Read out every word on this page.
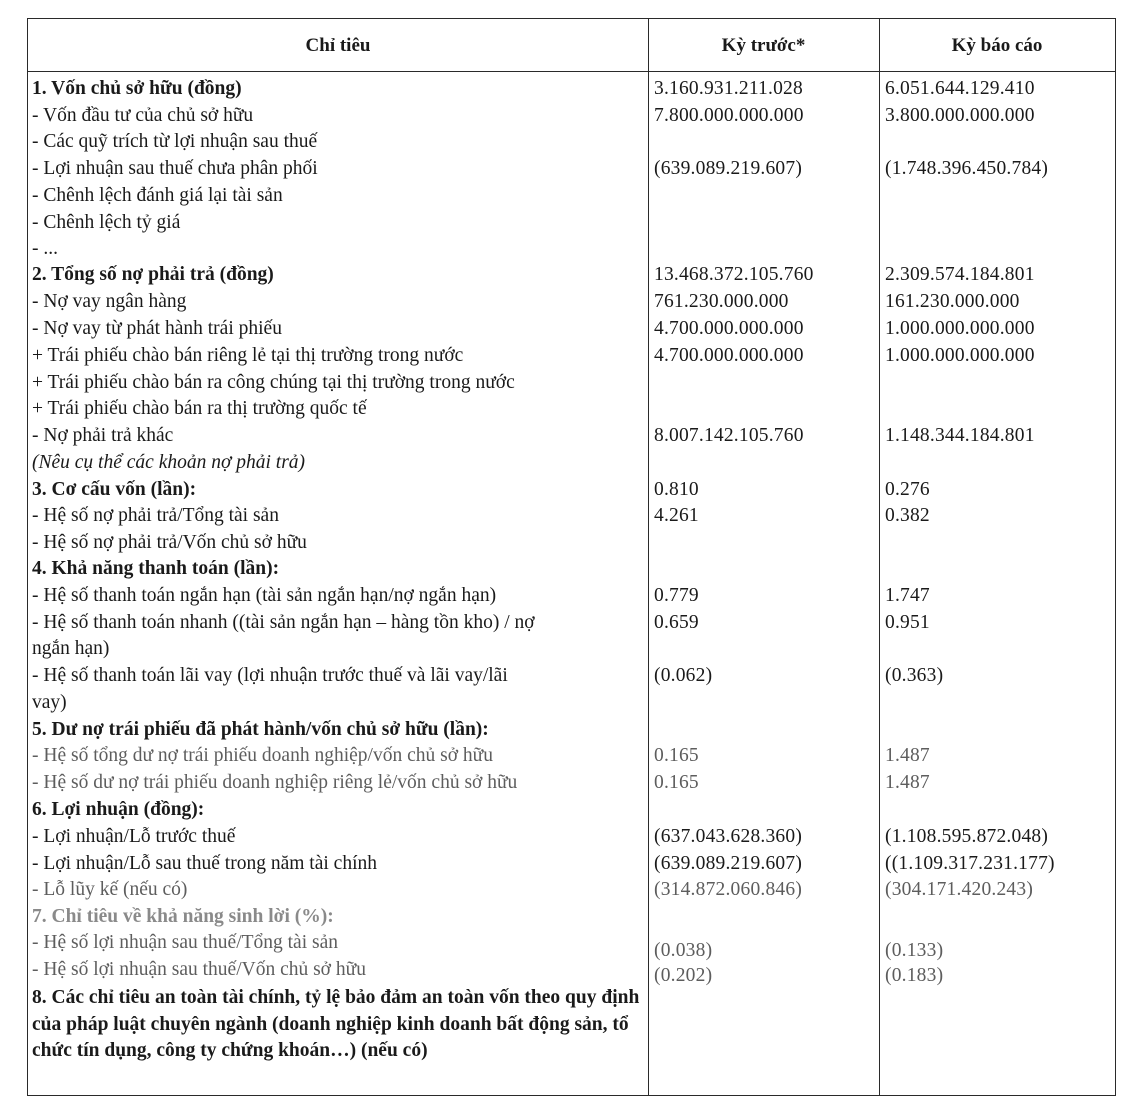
Chỉ tiêu	Kỳ trước*	Kỳ báo cáo
1. Vốn chủ sở hữu (đồng)	3.160.931.211.028	6.051.644.129.410
- Vốn đầu tư của chủ sở hữu	7.800.000.000.000	3.800.000.000.000
- Các quỹ trích từ lợi nhuận sau thuế
- Lợi nhuận sau thuế chưa phân phối	(639.089.219.607)	(1.748.396.450.784)
- Chênh lệch đánh giá lại tài sản
- Chênh lệch tỷ giá
- ...
2. Tổng số nợ phải trả (đồng)	13.468.372.105.760	2.309.574.184.801
- Nợ vay ngân hàng	761.230.000.000	161.230.000.000
- Nợ vay từ phát hành trái phiếu	4.700.000.000.000	1.000.000.000.000
+ Trái phiếu chào bán riêng lẻ tại thị trường trong nước	4.700.000.000.000	1.000.000.000.000
+ Trái phiếu chào bán ra công chúng tại thị trường trong nước
+ Trái phiếu chào bán ra thị trường quốc tế
- Nợ phải trả khác	8.007.142.105.760	1.148.344.184.801
(Nêu cụ thể các khoản nợ phải trả)
3. Cơ cấu vốn (lần):	0.810	0.276
- Hệ số nợ phải trả/Tổng tài sản	4.261	0.382
- Hệ số nợ phải trả/Vốn chủ sở hữu
4. Khả năng thanh toán (lần):
- Hệ số thanh toán ngắn hạn (tài sản ngắn hạn/nợ ngắn hạn)	0.779	1.747
- Hệ số thanh toán nhanh ((tài sản ngắn hạn – hàng tồn kho) / nợ	0.659	0.951
ngắn hạn)
- Hệ số thanh toán lãi vay (lợi nhuận trước thuế và lãi vay/lãi	(0.062)	(0.363)
vay)
5. Dư nợ trái phiếu đã phát hành/vốn chủ sở hữu (lần):
- Hệ số tổng dư nợ trái phiếu doanh nghiệp/vốn chủ sở hữu	0.165	1.487
- Hệ số dư nợ trái phiếu doanh nghiệp riêng lẻ/vốn chủ sở hữu	0.165	1.487
6. Lợi nhuận (đồng):
- Lợi nhuận/Lỗ trước thuế	(637.043.628.360)	(1.108.595.872.048)
- Lợi nhuận/Lỗ sau thuế trong năm tài chính	(639.089.219.607)	((1.109.317.231.177)
- Lỗ lũy kế (nếu có)	(314.872.060.846)	(304.171.420.243)
7. Chỉ tiêu về khả năng sinh lời (%):
- Hệ số lợi nhuận sau thuế/Tổng tài sản	(0.038)	(0.133)
- Hệ số lợi nhuận sau thuế/Vốn chủ sở hữu	(0.202)	(0.183)
8. Các chỉ tiêu an toàn tài chính, tỷ lệ bảo đảm an toàn vốn theo quy định của pháp luật chuyên ngành (doanh nghiệp kinh doanh bất động sản, tổ chức tín dụng, công ty chứng khoán…) (nếu có)
